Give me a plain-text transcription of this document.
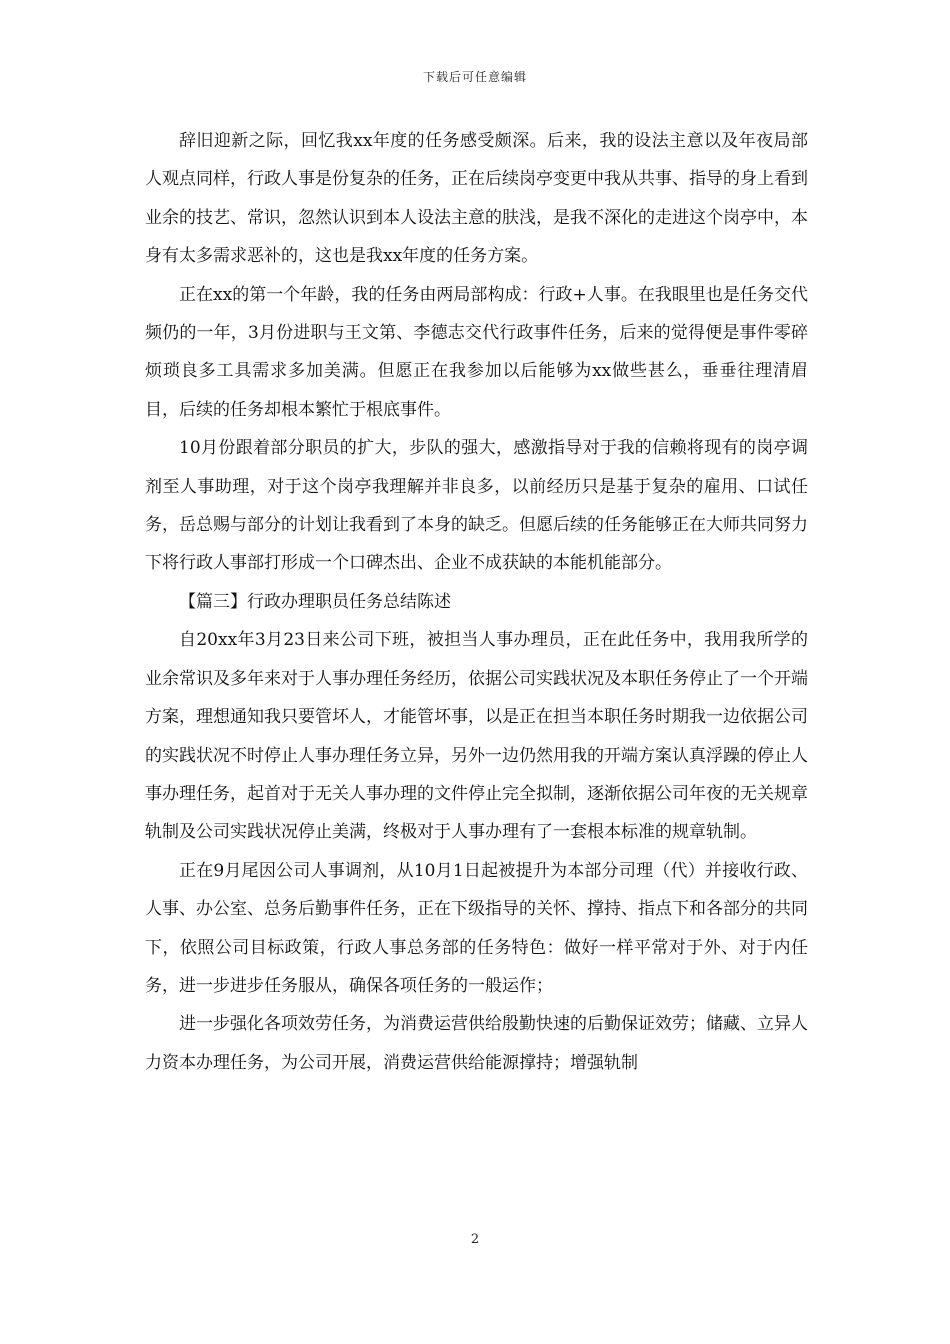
下载后可任意编辑

辞旧迎新之际，回忆我xx年度的任务感受颇深。后来，我的设法主意以及年夜局部人观点同样，行政人事是份复杂的任务，正在后续岗亭变更中我从共事、指导的身上看到业余的技艺、常识，忽然认识到本人设法主意的肤浅，是我不深化的走进这个岗亭中，本身有太多需求恶补的，这也是我xx年度的任务方案。

正在xx的第一个年龄，我的任务由两局部构成：行政+人事。在我眼里也是任务交代频仍的一年，3月份进职与王文第、李德志交代行政事件任务，后来的觉得便是事件零碎烦琐良多工具需求多加美满。但愿正在我参加以后能够为xx做些甚么，垂垂往理清眉目，后续的任务却根本繁忙于根底事件。

10月份跟着部分职员的扩大，步队的强大，感激指导对于我的信赖将现有的岗亭调剂至人事助理，对于这个岗亭我理解并非良多，以前经历只是基于复杂的雇用、口试任务，岳总赐与部分的计划让我看到了本身的缺乏。但愿后续的任务能够正在大师共同努力下将行政人事部打形成一个口碑杰出、企业不成获缺的本能机能部分。

【篇三】行政办理职员任务总结陈述

自20xx年3月23日来公司下班，被担当人事办理员，正在此任务中，我用我所学的业余常识及多年来对于人事办理任务经历，依据公司实践状况及本职任务停止了一个开端方案，理想通知我只要管坏人，才能管坏事，以是正在担当本职任务时期我一边依据公司的实践状况不时停止人事办理任务立异，另外一边仍然用我的开端方案认真浮躁的停止人事办理任务，起首对于无关人事办理的文件停止完全拟制，逐渐依据公司年夜的无关规章轨制及公司实践状况停止美满，终极对于人事办理有了一套根本标准的规章轨制。

正在9月尾因公司人事调剂，从10月1日起被提升为本部分司理（代）并接收行政、人事、办公室、总务后勤事件任务，正在下级指导的关怀、撑持、指点下和各部分的共同下，依照公司目标政策，行政人事总务部的任务特色：做好一样平常对于外、对于内任务，进一步进步任务服从，确保各项任务的一般运作；

进一步强化各项效劳任务，为消费运营供给殷勤快速的后勤保证效劳；储藏、立异人力资本办理任务，为公司开展，消费运营供给能源撑持；增强轨制

2
